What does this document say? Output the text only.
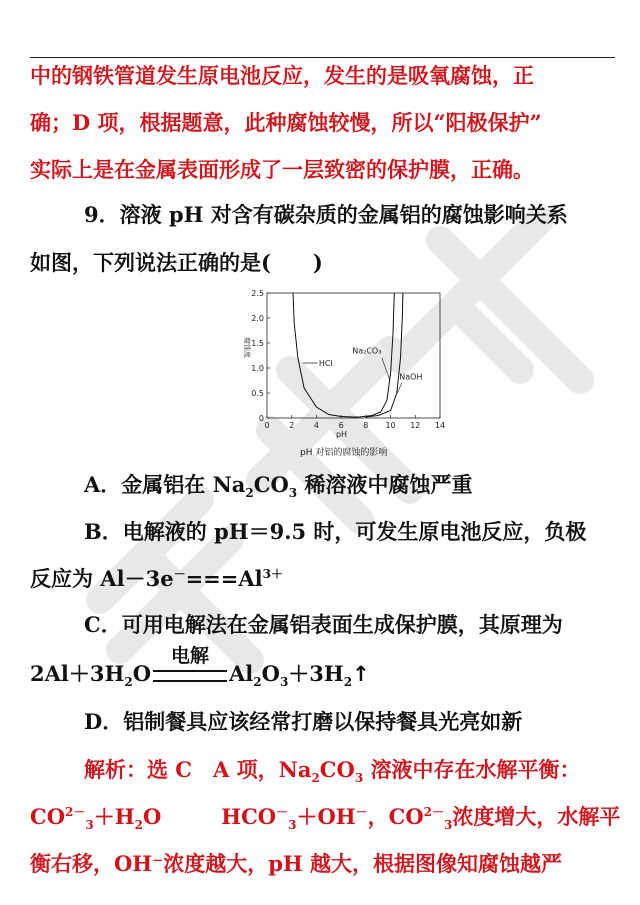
中的钢铁管道发生原电池反应，发生的是吸氧腐蚀，正
确；D 项，根据题意，此种腐蚀较慢，所以“阳极保护”
实际上是在金属表面形成了一层致密的保护膜，正确。
9．溶液 pH 对含有碳杂质的金属铝的腐蚀影响关系
如图，下列说法正确的是(　　)
0 2 4 6 8 10 12 14
0
0.5
1.0
1.5
2.0
2.5
pH
腐蚀度
HCl
Na₂CO₃
NaOH
pH 对铝的腐蚀的影响
A．金属铝在 $Na_2CO_3$ 稀溶液中腐蚀严重
B．电解液的 pH＝9.5 时，可发生原电池反应，负极
反应为 $Al-3e^-===Al^{3+}$
C．可用电解法在金属铝表面生成保护膜，其原理为
$2Al+3H_2O$
电解
$Al_2O_3+3H_2↑$
D．铝制餐具应该经常打磨以保持餐具光亮如新
解析：选 C　A 项，$Na_2CO_3$ 溶液中存在水解平衡：
$CO^{2-}_3+H_2O$	$HCO^-_3+OH^-$，$CO^{2-}_3$浓度增大，水解平
衡右移，OH⁻浓度越大，pH 越大，根据图像知腐蚀越严
